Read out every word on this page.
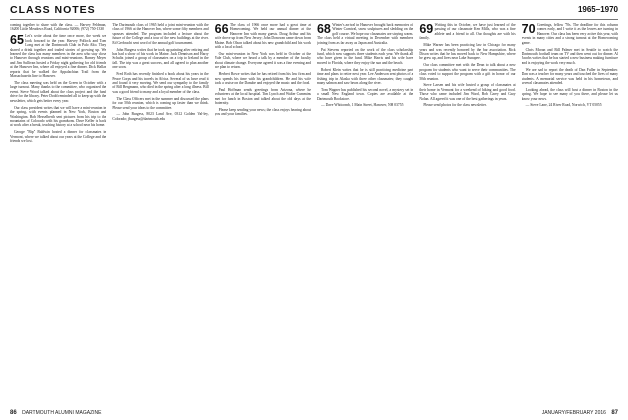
CLASS NOTES	1965–1970

coming together to share with the class. — Harvey Feldman, 16200 Little Meadows Road, California 92006; (972) 750-1330

65 Let's write about the time once more, the week we look forward to the year. Harvey Pollock and Tom Long met at the Dartmouth Club in Palo Alto. They shared a drink together and traded stories of growing up. We learned the class has many members in the area who stay close to Hanover through reunions and mini-reunions. Barney Meyer and Jim Sullivan hosted a Friday night gathering for old friends at the Hanover Inn, where all enjoyed a fine dinner. Dick Hallas reports that he walked the Appalachian Trail from the Massachusetts line to Hanover.

The class meeting was held on the Green in October with a large turnout. Many thanks to the committee, who organized the event. Steve Wood talked about the class project and the fund drive for the library. Peter Dodd reminded all to keep up with the newsletter, which gets better every year.

Our class president writes that we will have a mini-reunion in the spring, with events planned in New York, Boston and Washington. Bob Hesselberth sent pictures from his trip to the mountains of Colorado with his grandsons. Dave Keller is back at work after a break, teaching history at a school near his home.

George "Bip" Baldwin hosted a dinner for classmates in Vermont, where we talked about our years at the College and the friends we lost.

The Dartmouth class of 1965 held a joint mini-reunion with the class of 1966 at the Hanover Inn, where some fifty members and spouses attended. The program included a lecture about the future of the College and a tour of the new buildings at the river. Ed Gerbracht sent word of the annual golf tournament.

John Burgess writes that he took up painting after retiring and has had a show of his work in Maine. Jack Dennison and Harry Schultz joined a group of classmates on a trip to Ireland in the fall. The trip was a great success, and all agreed to plan another one soon.

Fred Roth has recently finished a book about his years in the Peace Corps and his travels in Africa. Several of us have read it and found it very moving. We send our sympathy to the family of Bill Bergmann, who died in the spring after a long illness. Bill was a good friend to many and a loyal member of the class.

The Class Officers met in the summer and discussed the plans for our 50th reunion, which is coming up faster than we think. Please send your ideas to the committee.

— John Burgess, 8023 Land Ave, 0312 Golden Val-ley, Colorado; jburgess@dartmouth.edu

66 The class of 1966 once more had a great time at Homecoming. We held our annual dinner at the Hanover Inn with many guests. Doug Arthur and his wife drove up from New Jersey; John Donovan came down from Maine. Bob Olson talked about his new grandchild and his work with a local school.

Our mini-reunion in New York was held in October at the Yale Club, where we heard a talk by a member of the faculty about climate change. Everyone agreed it was a fine evening and we plan to return.

Herbert Rowe writes that he has retired from his law firm and now spends his time with his grandchildren. He and his wife took a cruise on the Danube and enjoyed the music and the food.

Paul Hoffman sends greetings from Arizona, where he volunteers at the local hospital. Tim Lynch and Walter Cummins met for lunch in Boston and talked about the old days at the fraternity.

Please keep sending your news; the class enjoys hearing about you and your families.

68 Winter's arrival in Hanover brought back memories of Winter Carnival, snow sculptures and sledding on the golf course. We hope our classmates are staying warm. The class held a virtual meeting in December with members joining from as far away as Japan and Australia.

Pat Stevens reported on the work of the class scholarship fund, which now supports three students each year. We thank all who have given to the fund. Mike Harris and his wife have moved to Florida, where they enjoy the sun and the beach.

Robert Klein writes that he is still practicing medicine part time and plans to retire next year. Lee Anderson sent photos of a fishing trip in Alaska with three other classmates; they caught many salmon and saw bears along the river.

Tom Wagner has published his second novel, a mystery set in a small New England town. Copies are available at the Dartmouth Bookstore.

— Dave Whitcomb, 1 Main Street, Hanover, NH 03755

69 Writing this in October, we have just learned of the passing of our classmate Ken Mills, who was a fine athlete and a friend to all. Our thoughts are with his family.

Mike Warner has been practicing law in Chicago for many years and was recently honored by the bar association. Rick Dixon writes that he has moved back to New Hampshire, where he grew up, and lives near Lake Sunapee.

Our class committee met with the Dean to talk about a new program for students who want to serve their communities. The class voted to support the program with a gift in honor of our 50th reunion.

Steve Larsen and his wife hosted a group of classmates at their home in Vermont for a weekend of hiking and good food. Those who came included Jim Ward, Bob Carey and Gary Nolan. All agreed it was one of the best gatherings in years.

Please send photos for the class newsletter.

70 Greetings, fellow '70s. The deadline for this column comes early, and I write it as the leaves are turning in Hanover. Our class has been very active this year, with events in many cities and a strong turnout at the Homecoming game.

Chris Moran and Bill Palmer met in Seattle to watch the Dartmouth football team on TV and then went out for dinner. Al Jacobs writes that he has started a new business making furniture and is enjoying the work very much.

We are sad to report the death of Dan Fuller in September. Dan was a teacher for many years and touched the lives of many students. A memorial service was held in his hometown, and several classmates attended.

Looking ahead, the class will host a dinner in Boston in the spring. We hope to see many of you there, and please let us know your news.

— Steve Lane, 24 River Road, Norwich, VT 05055

86 DARTMOUTH ALUMNI MAGAZINE	JANUARY/FEBRUARY 2016 87
